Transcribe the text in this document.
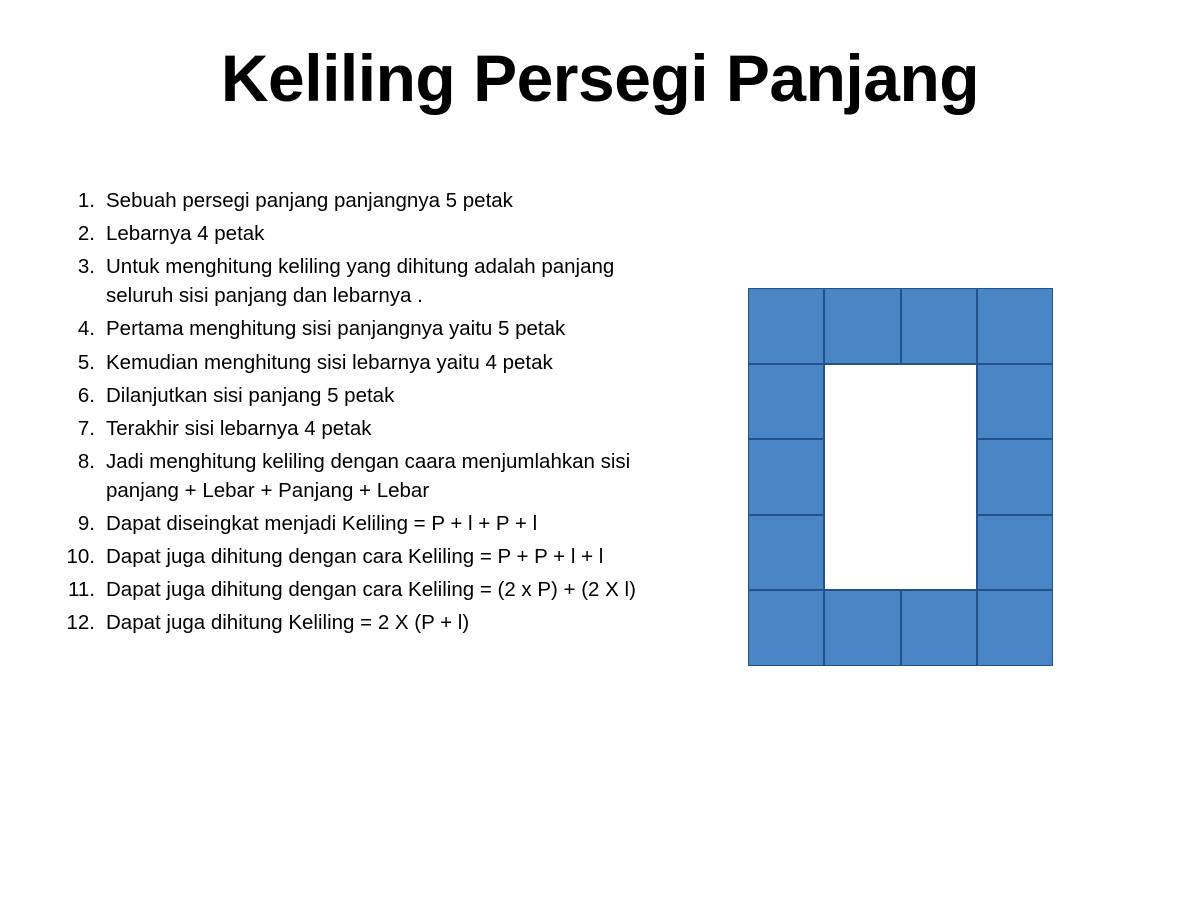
Keliling Persegi Panjang
1. Sebuah persegi panjang panjangnya 5 petak
2. Lebarnya 4 petak
3. Untuk menghitung keliling yang dihitung adalah panjang seluruh sisi panjang dan lebarnya .
4. Pertama menghitung sisi panjangnya yaitu 5 petak
5. Kemudian menghitung sisi lebarnya yaitu 4 petak
6. Dilanjutkan sisi panjang 5 petak
7. Terakhir sisi lebarnya 4 petak
8. Jadi menghitung keliling dengan caara menjumlahkan sisi panjang + Lebar + Panjang + Lebar
9. Dapat diseingkat menjadi Keliling = P + l + P + l
10. Dapat juga dihitung dengan cara Keliling = P + P + l + l
11. Dapat juga dihitung dengan cara Keliling = (2 x P) + (2 X l)
12. Dapat juga dihitung Keliling = 2 X (P + l)
